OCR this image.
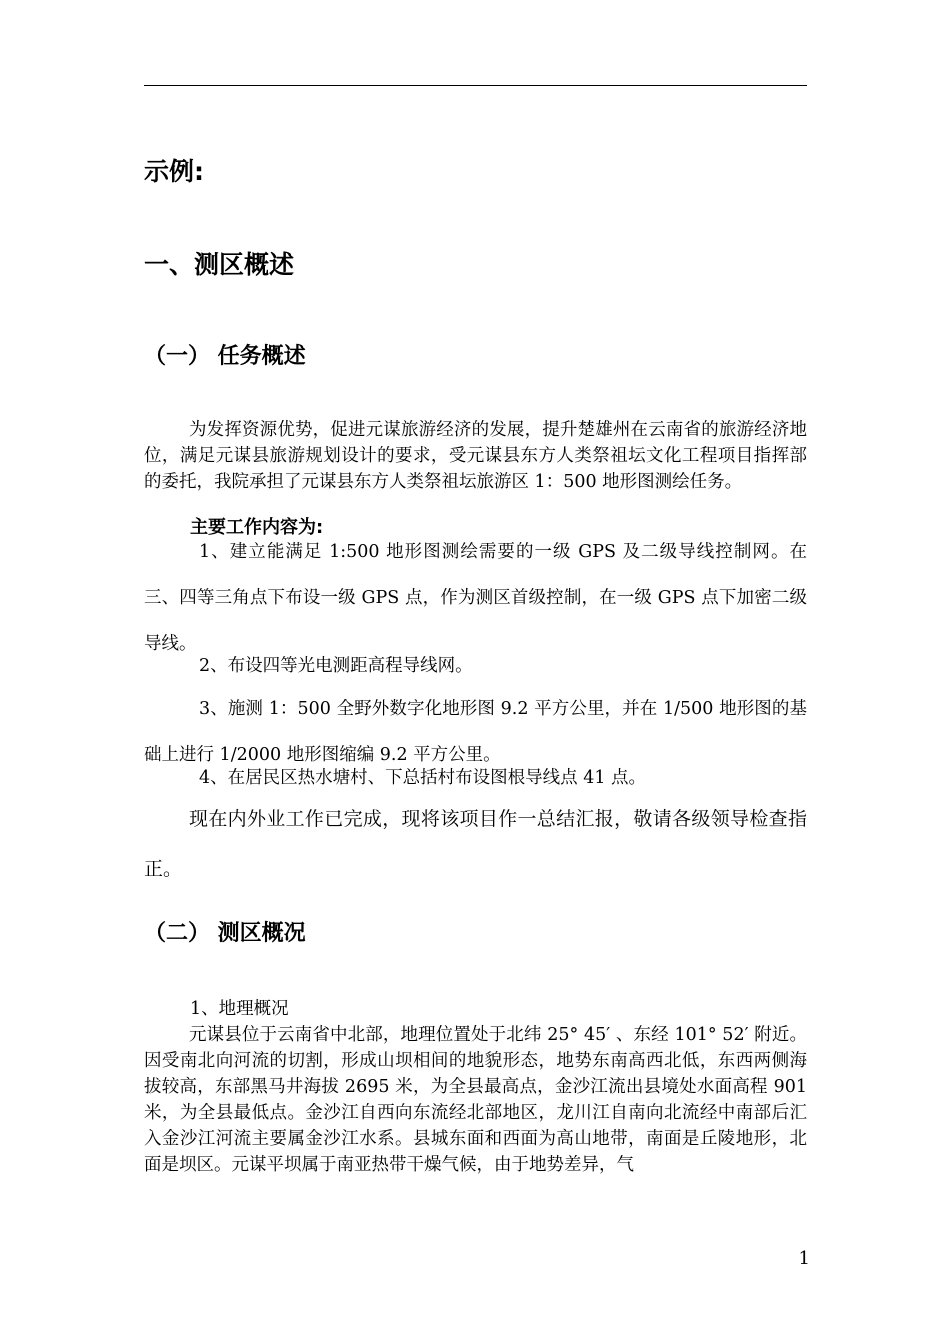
示例:
一、测区概述
（一） 任务概述

为发挥资源优势，促进元谋旅游经济的发展，提升楚雄州在云南省的旅游经济地位，满足元谋县旅游规划设计的要求，受元谋县东方人类祭祖坛文化工程项目指挥部的委托，我院承担了元谋县东方人类祭祖坛旅游区 1：500 地形图测绘任务。

主要工作内容为:

1、建立能满足 1:500 地形图测绘需要的一级 GPS 及二级导线控制网。在三、四等三角点下布设一级 GPS 点，作为测区首级控制，在一级 GPS 点下加密二级导线。

2、布设四等光电测距高程导线网。

3、施测 1：500 全野外数字化地形图 9.2 平方公里，并在 1/500 地形图的基础上进行 1/2000 地形图缩编 9.2 平方公里。

4、在居民区热水塘村、下总括村布设图根导线点 41 点。

现在内外业工作已完成，现将该项目作一总结汇报，敬请各级领导检查指正。

（二） 测区概况

1、地理概况

元谋县位于云南省中北部，地理位置处于北纬 25° 45′ 、东经 101° 52′ 附近。因受南北向河流的切割，形成山坝相间的地貌形态，地势东南高西北低，东西两侧海拔较高，东部黑马井海拔 2695 米，为全县最高点，金沙江流出县境处水面高程 901 米，为全县最低点。金沙江自西向东流经北部地区，龙川江自南向北流经中南部后汇入金沙江河流主要属金沙江水系。县城东面和西面为高山地带，南面是丘陵地形，北面是坝区。元谋平坝属于南亚热带干燥气候，由于地势差异，气

1
